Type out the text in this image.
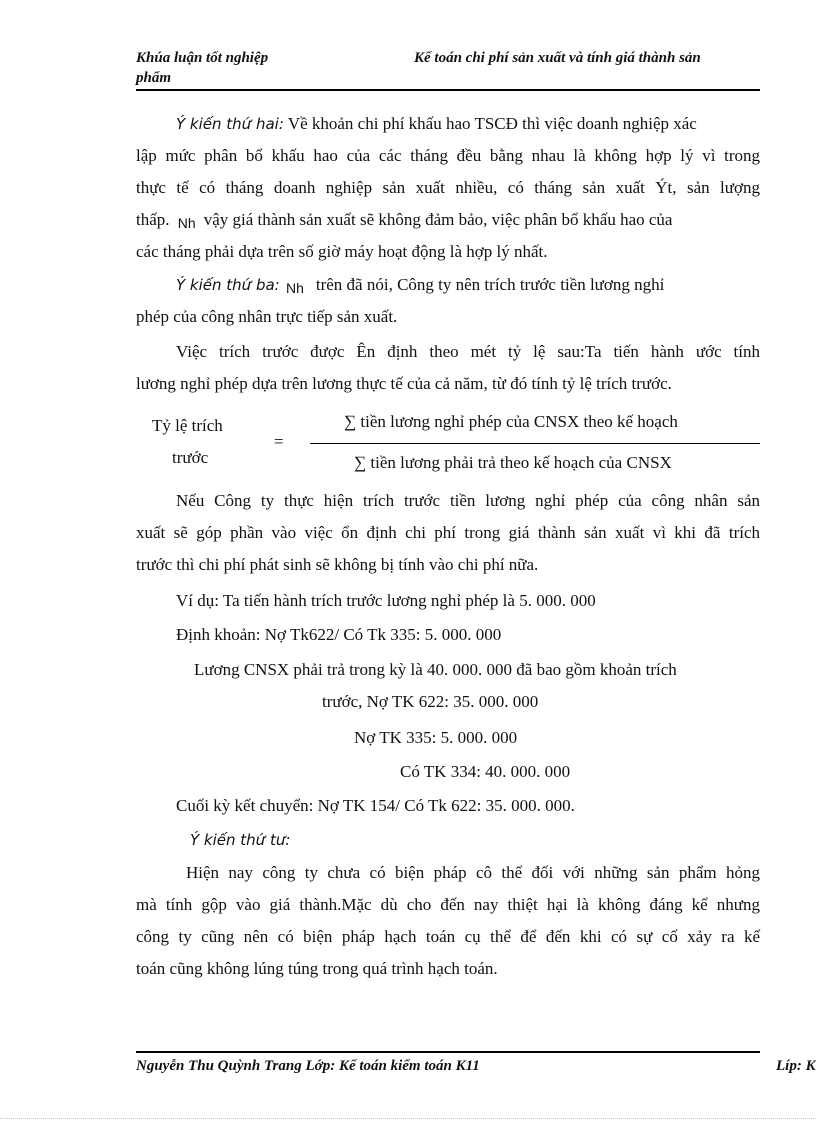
Khúa luận tốt nghiệp	Kế toán chi phí sản xuất và tính giá thành sản
phẩm
Ý kiến thứ hai: Về khoản chi phí khấu hao TSCĐ thì việc doanh nghiệp xác
lập mức phân bổ khấu hao của các tháng đều bằng nhau là không hợp lý vì trong
thực tế có tháng doanh nghiệp sản xuất nhiều, có tháng sản xuất Ýt, sản lượng
thấp. Nh vậy giá thành sản xuất sẽ không đảm bảo, việc phân bổ khấu hao của
các tháng phải dựa trên số giờ máy hoạt động là hợp lý nhất.
Ý kiến thứ ba: Nh trên đã nói, Công ty nên trích trước tiền lương nghỉ
phép của công nhân trực tiếp sản xuất.
Việc trích trước được Ên định theo mét tỷ lệ sau:Ta tiến hành ước tính
lương nghỉ phép dựa trên lương thực tế của cả năm, từ đó tính tỷ lệ trích trước.
Tỷ lệ trích
trước
=
∑ tiền lương nghỉ phép của CNSX theo kế hoạch
∑ tiền lương phải trả theo kế hoạch của CNSX
Nếu Công ty thực hiện trích trước tiền lương nghỉ phép của công nhân sản
xuất sẽ góp phần vào việc ổn định chi phí trong giá thành sản xuất vì khi đã trích
trước thì chi phí phát sinh sẽ không bị tính vào chi phí nữa.
Ví dụ: Ta tiến hành trích trước lương nghỉ phép là 5. 000. 000
Định khoản: Nợ Tk622/ Có Tk 335: 5. 000. 000
Lương CNSX phải trả trong kỳ là 40. 000. 000 đã bao gồm khoản trích
trước, Nợ TK 622: 35. 000. 000
Nợ TK 335: 5. 000. 000
Có TK 334: 40. 000. 000
Cuối kỳ kết chuyển: Nợ TK 154/ Có Tk 622: 35. 000. 000.
Ý kiến thứ tư:
Hiện nay công ty chưa có biện pháp cô thể đối với những sản phẩm hỏng
mà tính gộp vào giá thành.Mặc dù cho đến nay thiệt hại là không đáng kể nhưng
công ty cũng nên có biện pháp hạch toán cụ thể để đến khi có sự cố xảy ra kế
toán cũng không lúng túng trong quá trình hạch toán.
Nguyễn Thu Quỳnh Trang Lớp: Kế toán kiểm toán K11	Líp: K
